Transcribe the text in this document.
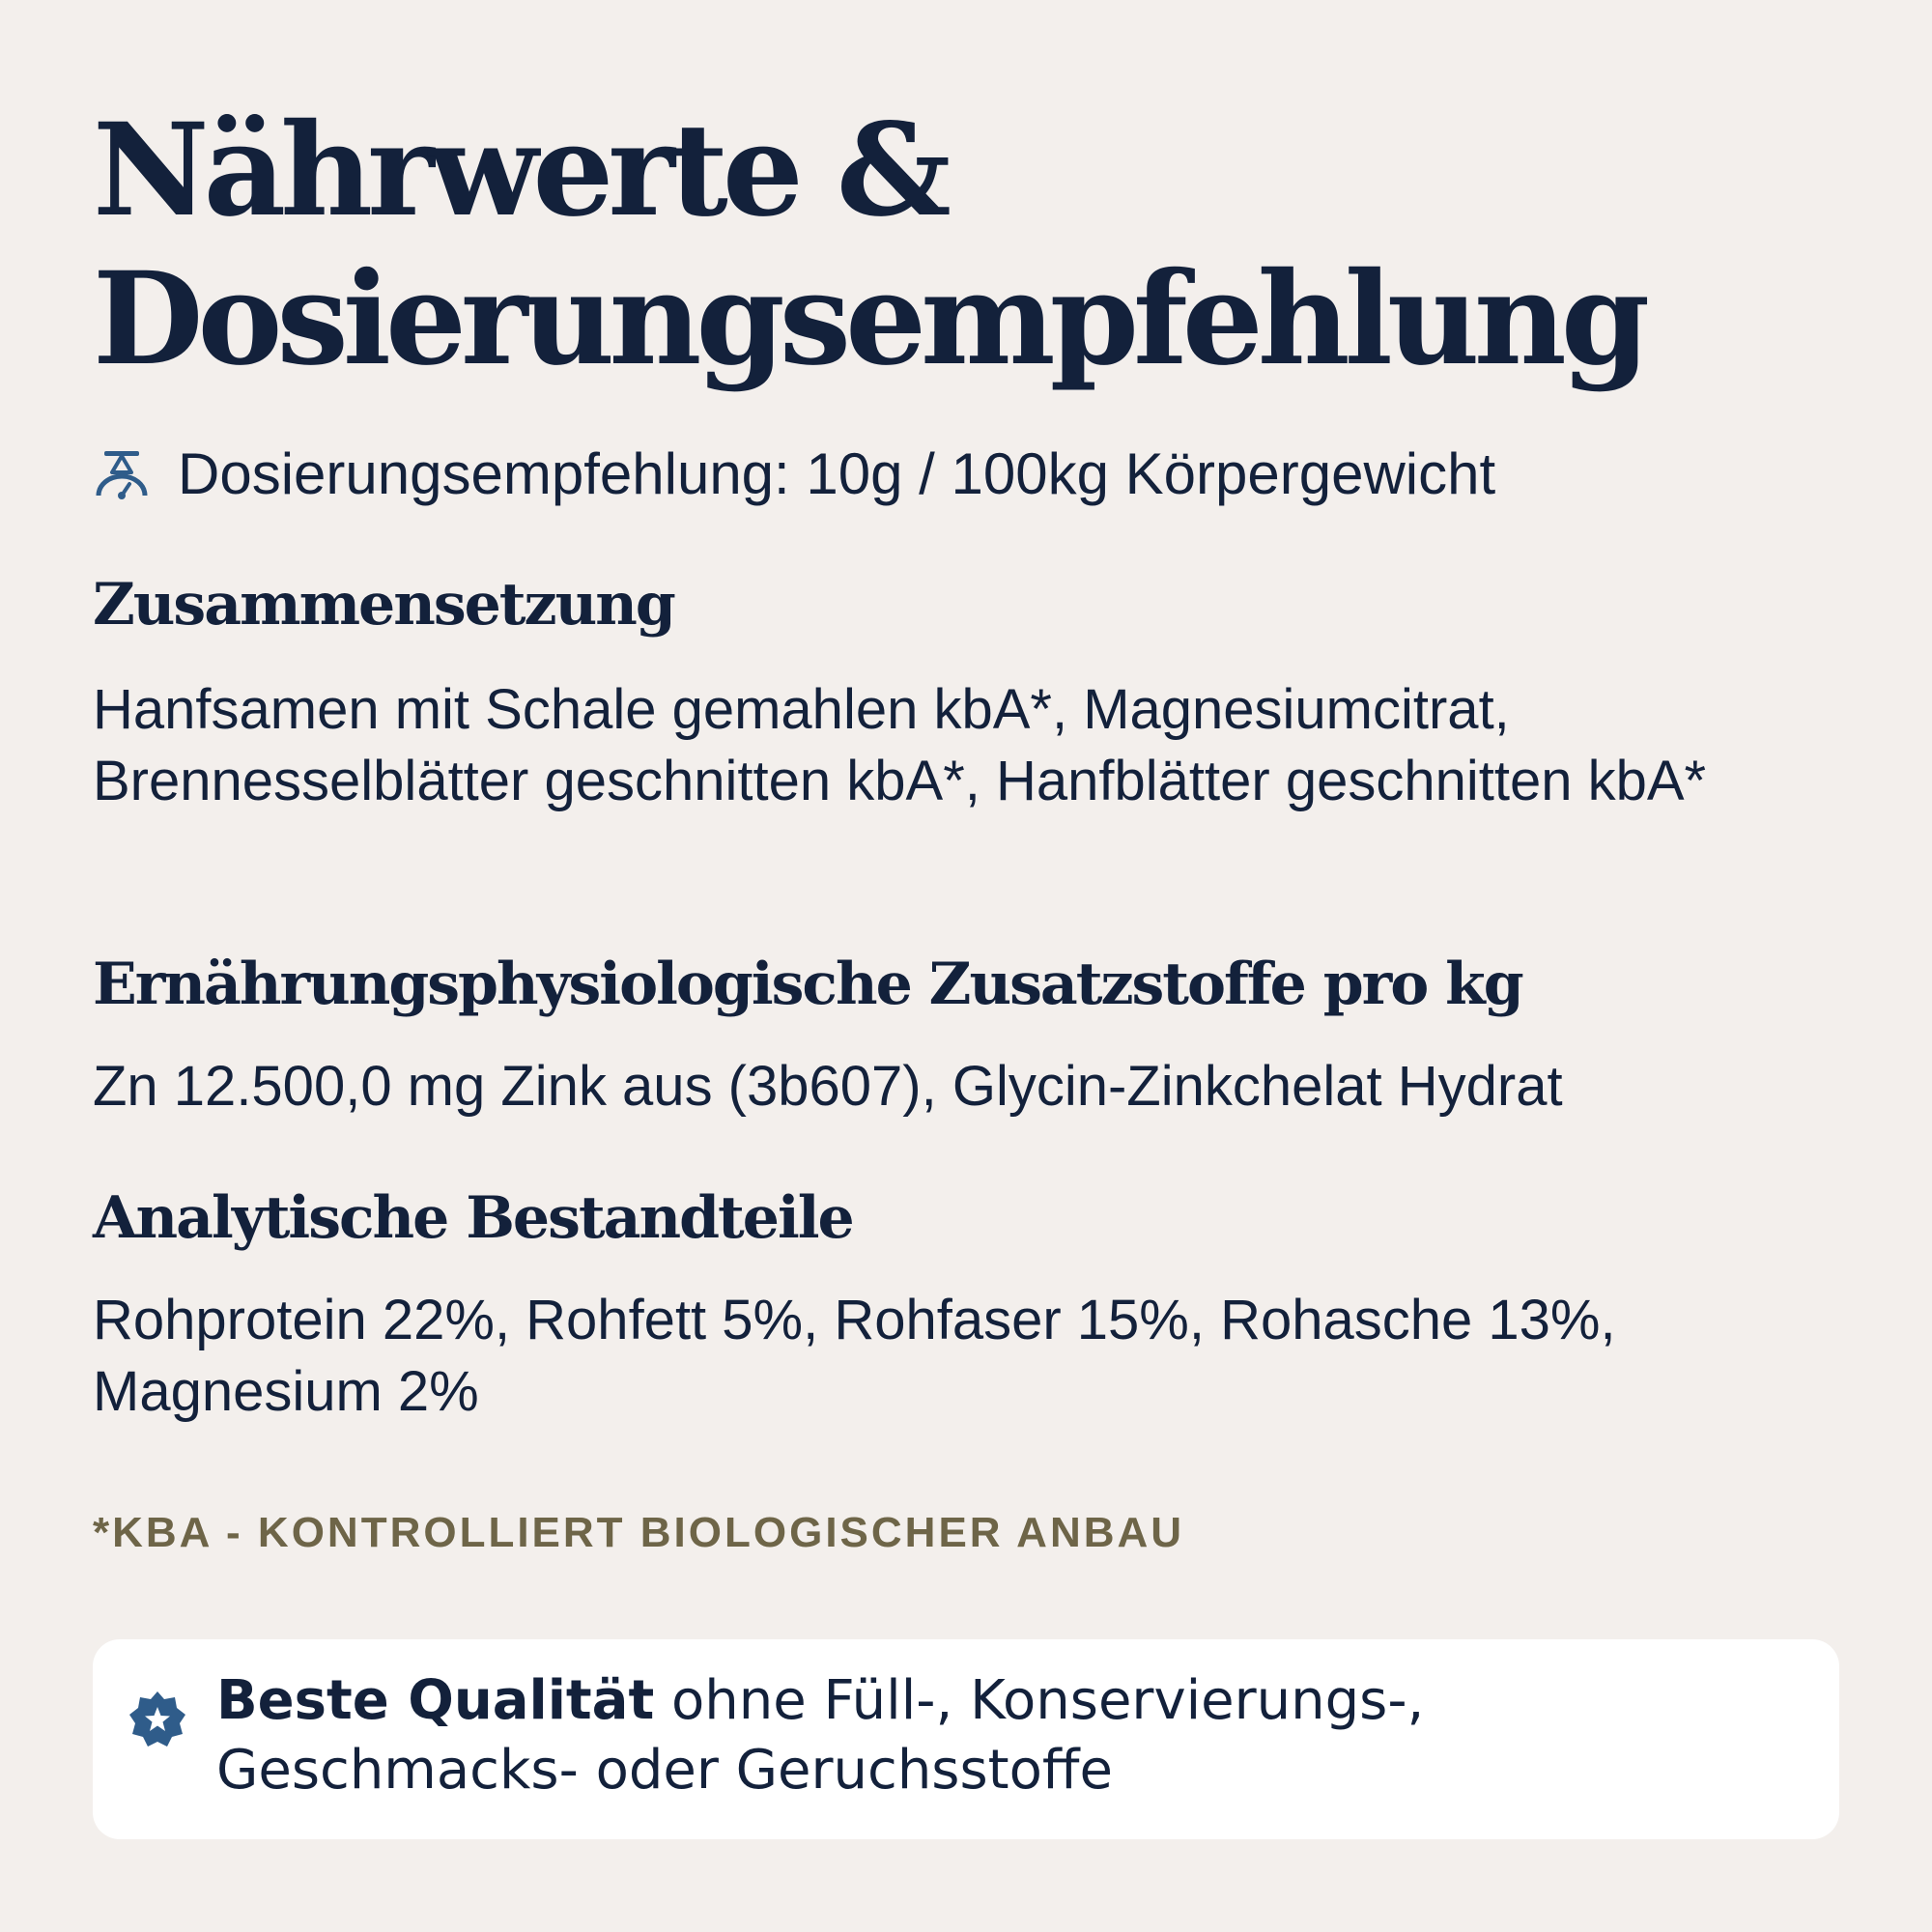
Nährwerte &
Dosierungsempfehlung
Dosierungsempfehlung: 10g / 100kg Körpergewicht
Zusammensetzung

Hanfsamen mit Schale gemahlen kbA*, Magnesiumcitrat, Brennesselblätter geschnitten kbA*, Hanfblätter geschnitten kbA*

Ernährungsphysiologische Zusatzstoffe pro kg

Zn 12.500,0 mg Zink aus (3b607), Glycin-Zinkchelat Hydrat

Analytische Bestandteile

Rohprotein 22%, Rohfett 5%, Rohfaser 15%, Rohasche 13%, Magnesium 2%

*KBA - KONTROLLIERT BIOLOGISCHER ANBAU
Beste Qualität ohne Füll-, Konservierungs-, Geschmacks- oder Geruchsstoffe
